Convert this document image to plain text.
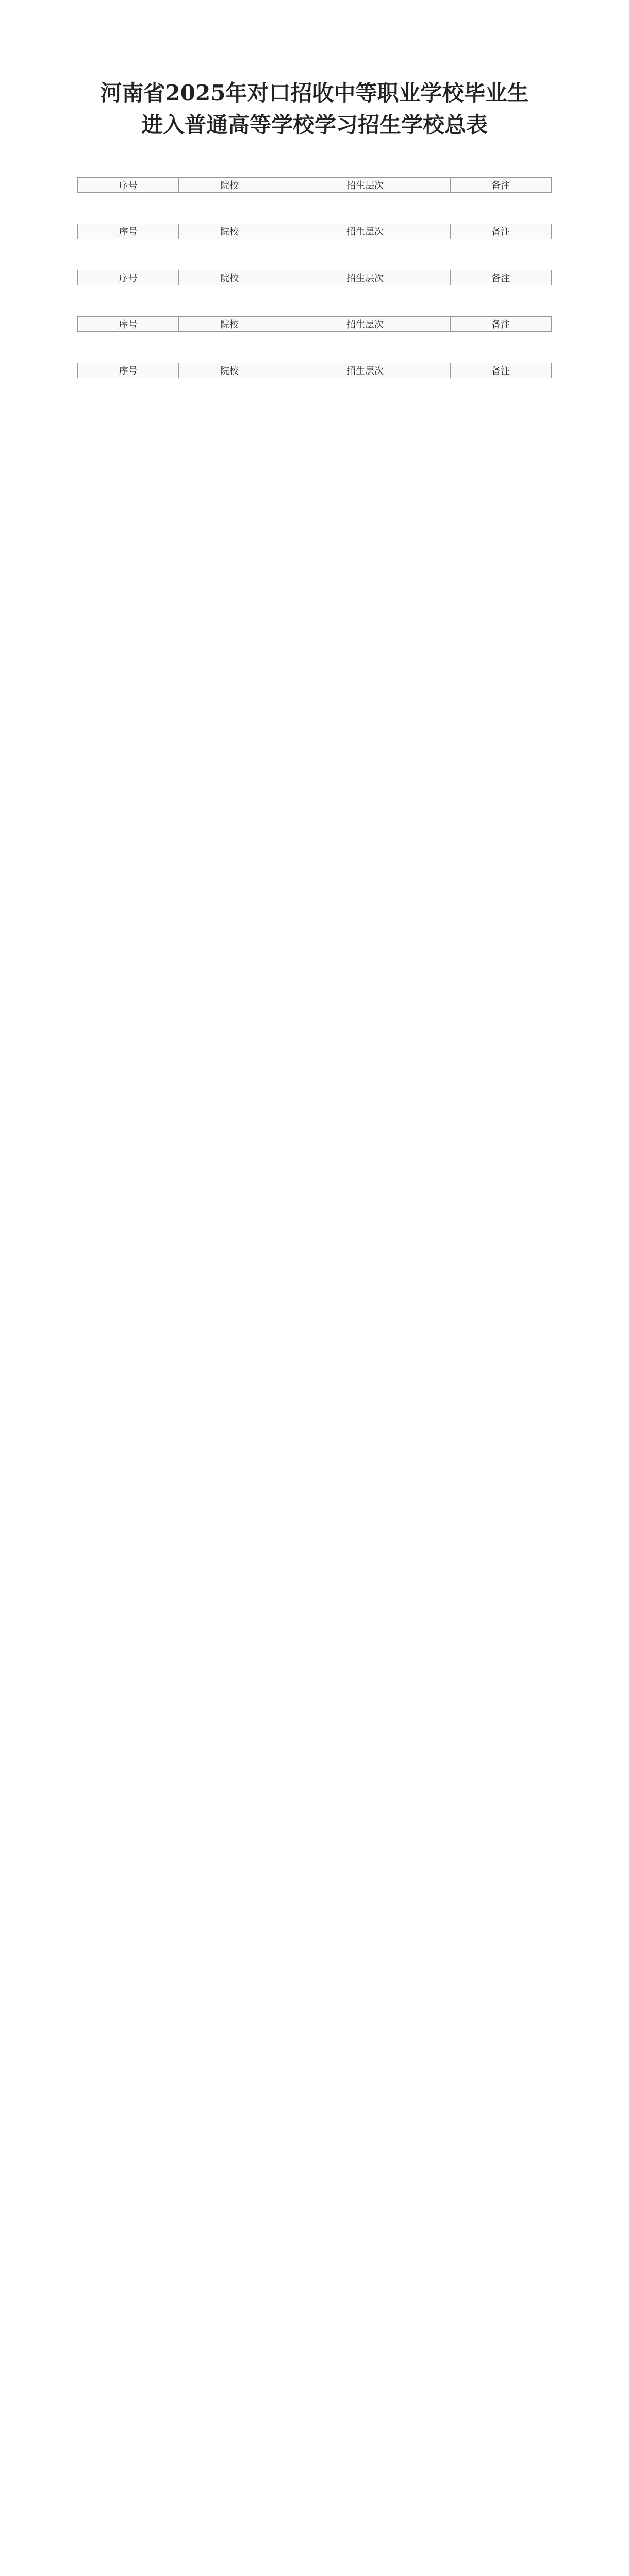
河南省2025年对口招收中等职业学校毕业生
进入普通高等学校学习招生学校总表
序号	院校	招生层次	备注
序号	院校	招生层次	备注
序号	院校	招生层次	备注
序号	院校	招生层次	备注
序号	院校	招生层次	备注
